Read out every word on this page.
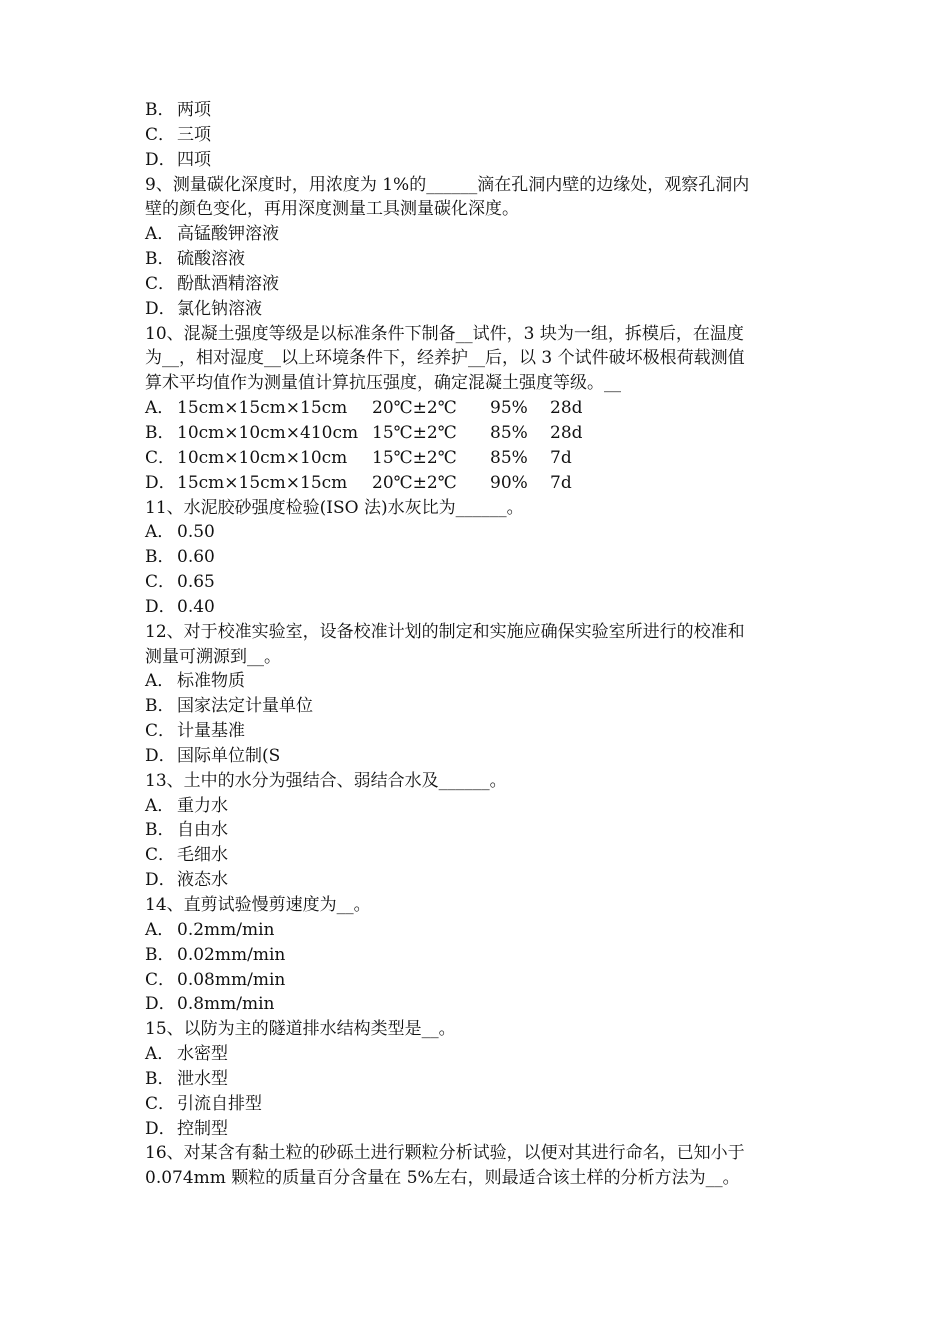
B． 两项
C． 三项
D．四项
9、测量碳化深度时，用浓度为 1%的______滴在孔洞内壁的边缘处，观察孔洞内
壁的颜色变化，再用深度测量工具测量碳化深度。
A． 高锰酸钾溶液
B． 硫酸溶液
C． 酚酞酒精溶液
D．氯化钠溶液
10、混凝土强度等级是以标准条件下制备__试件，3 块为一组，拆模后，在温度
为__，相对湿度__以上环境条件下，经养护__后，以 3 个试件破坏极根荷载测值
算术平均值作为测量值计算抗压强度，确定混凝土强度等级。__
A． 15cm×15cm×15cm	20℃±2℃	95%	28d
B． 10cm×10cm×410cm 15℃±2℃	85%	28d
C． 10cm×10cm×10cm	15℃±2℃	85%	7d
D． 15cm×15cm×15cm	20℃±2℃	90%	7d
11、水泥胶砂强度检验(ISO 法)水灰比为______。
A． 0.50
B． 0.60
C． 0.65
D．0.40
12、对于校准实验室，设备校准计划的制定和实施应确保实验室所进行的校准和
测量可溯源到__。
A． 标准物质
B． 国家法定计量单位
C． 计量基准
D．国际单位制(S
13、土中的水分为强结合、弱结合水及______。
A． 重力水
B． 自由水
C． 毛细水
D．液态水
14、直剪试验慢剪速度为__。
A． 0.2mm/min
B． 0.02mm/min
C． 0.08mm/min
D．0.8mm/min
15、以防为主的隧道排水结构类型是__。
A． 水密型
B． 泄水型
C． 引流自排型
D．控制型
16、对某含有黏土粒的砂砾土进行颗粒分析试验，以便对其进行命名，已知小于
0.074mm 颗粒的质量百分含量在 5%左右，则最适合该土样的分析方法为__。
